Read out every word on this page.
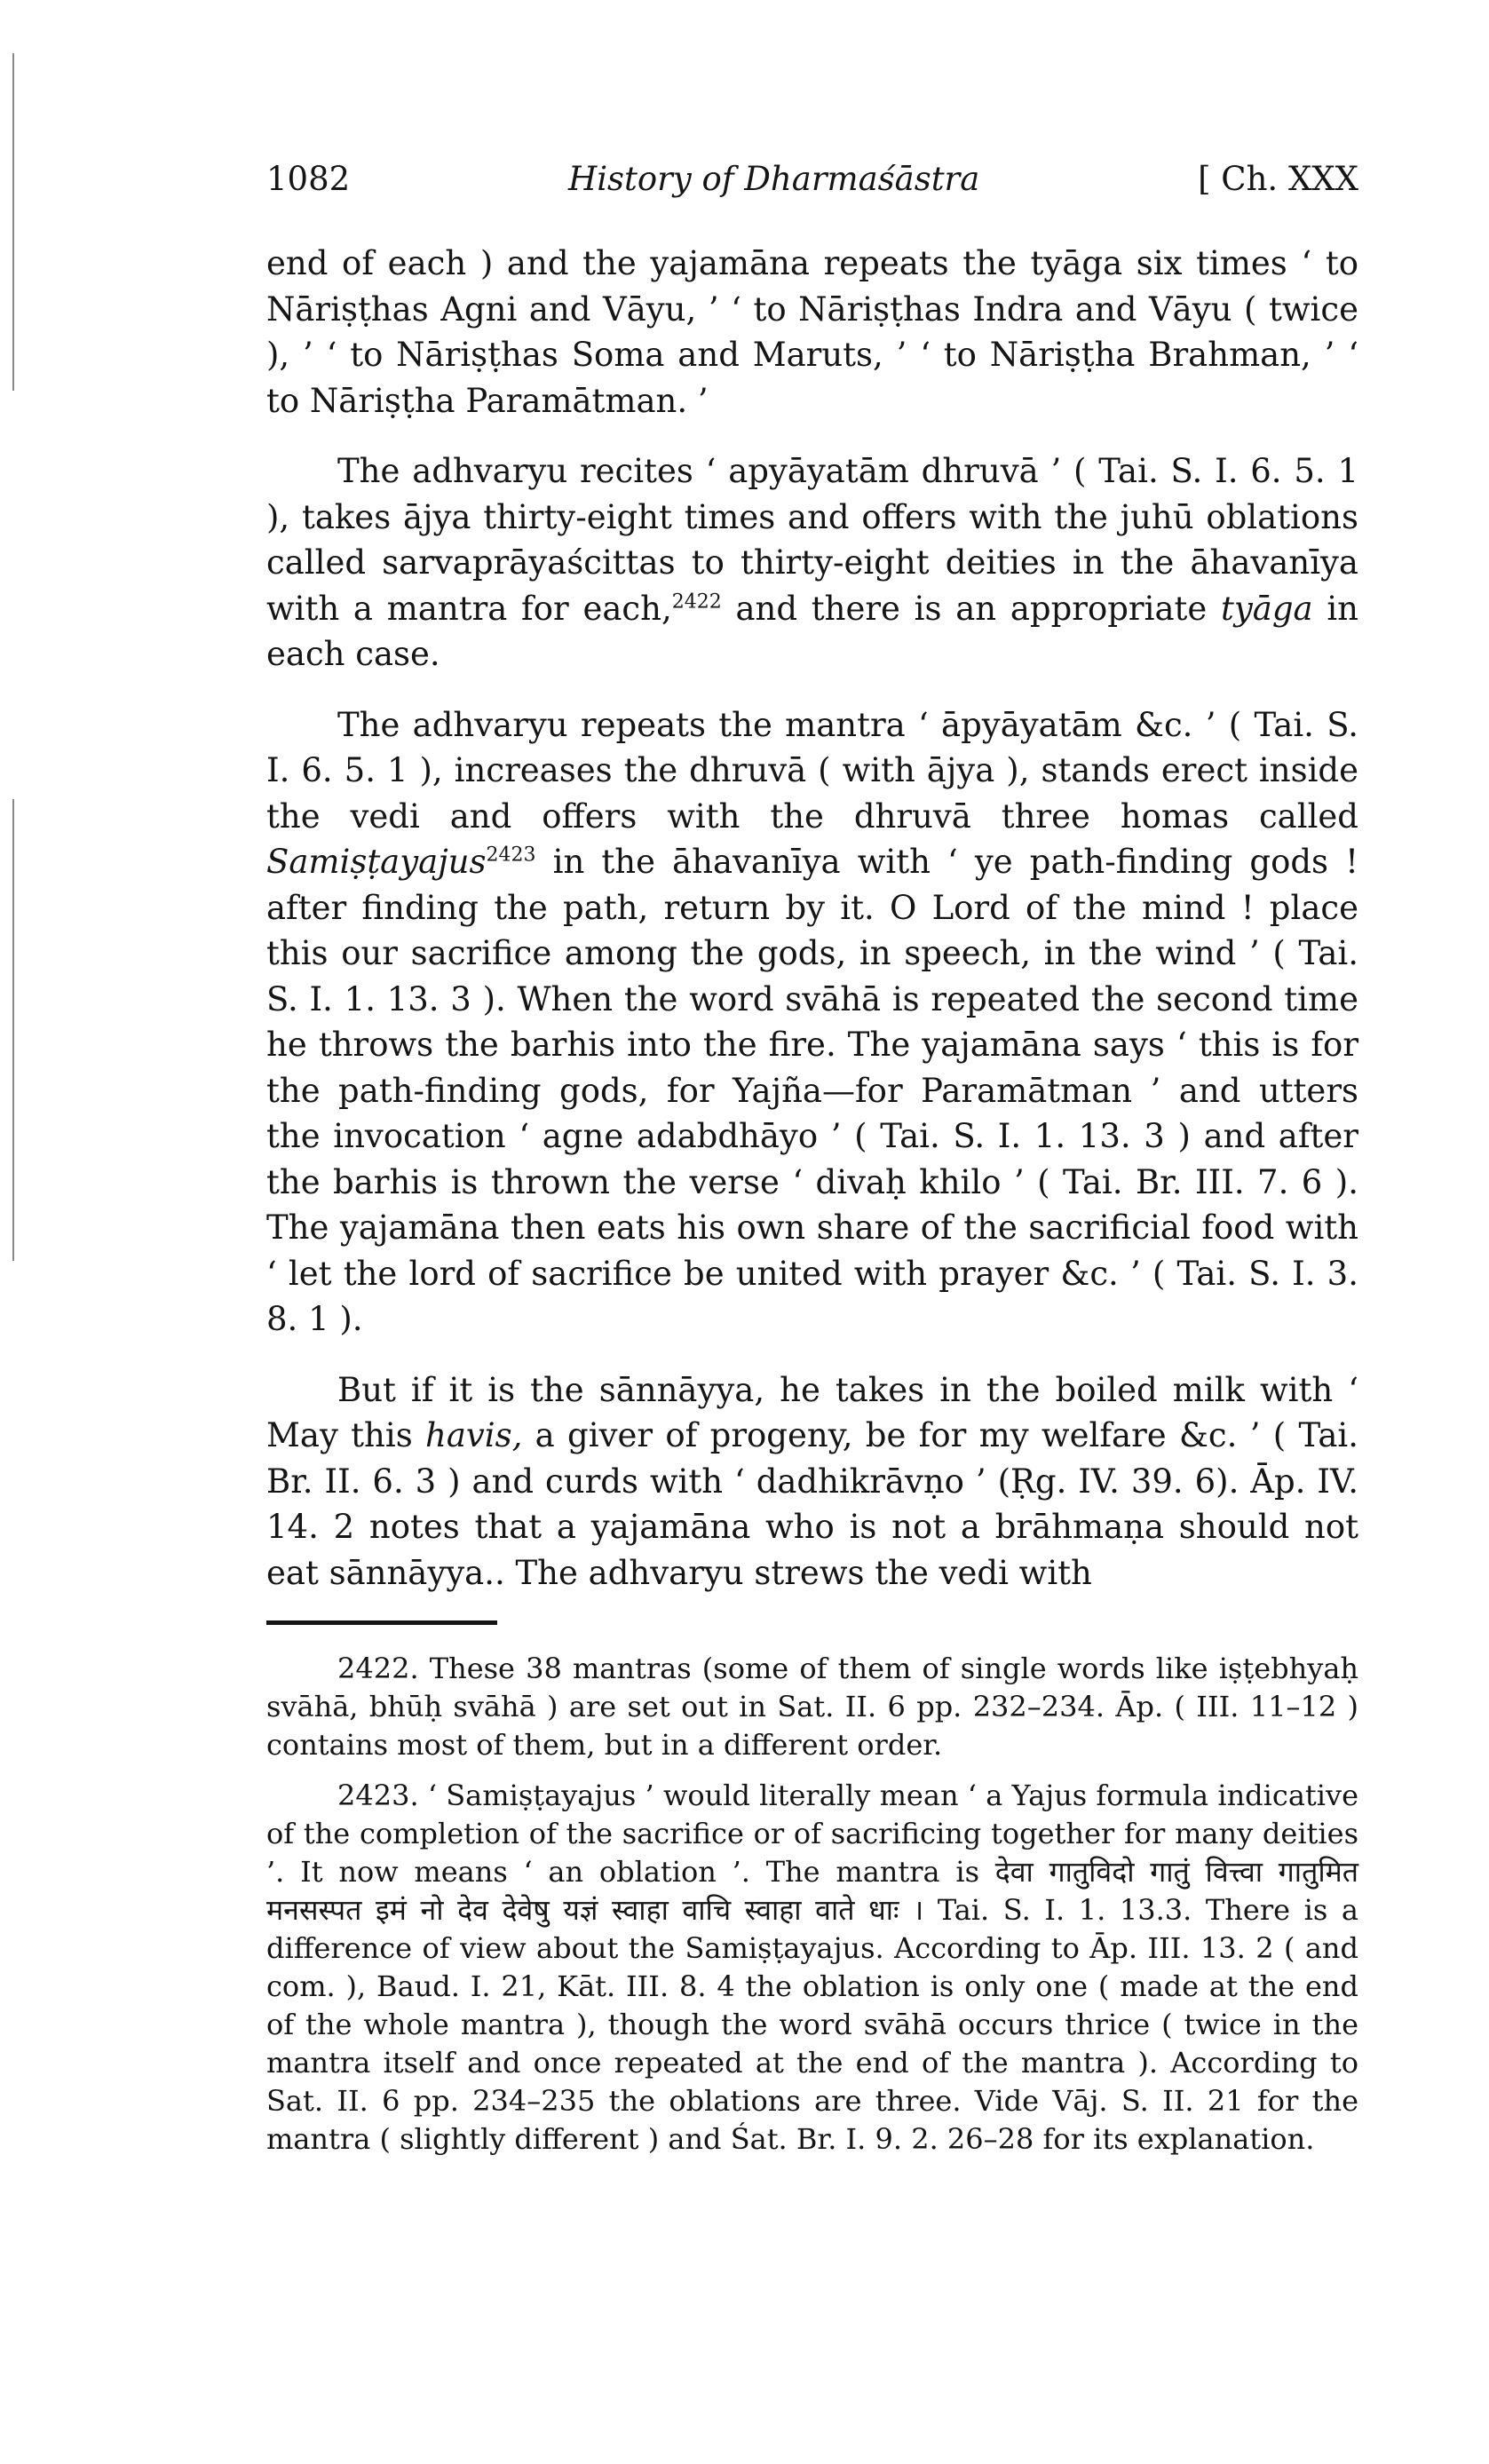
1082	History of Dharmaśāstra	[ Ch. XXX

end of each ) and the yajamāna repeats the tyāga six times ‘ to Nāriṣṭhas Agni and Vāyu, ’ ‘ to Nāriṣṭhas Indra and Vāyu ( twice ), ’ ‘ to Nāriṣṭhas Soma and Maruts, ’ ‘ to Nāriṣṭha Brahman, ’ ‘ to Nāriṣṭha Paramātman. ’

The adhvaryu recites ‘ apyāyatām dhruvā ’ ( Tai. S. I. 6. 5. 1 ), takes ājya thirty-eight times and offers with the juhū oblations called sarvaprāyaścittas to thirty-eight deities in the āhavanīya with a mantra for each,$^{2422}$ and there is an appropriate tyāga in each case.

The adhvaryu repeats the mantra ‘ āpyāyatām &c. ’ ( Tai. S. I. 6. 5. 1 ), increases the dhruvā ( with ājya ), stands erect inside the vedi and offers with the dhruvā three homas called Samiṣṭayajus$^{2423}$ in the āhavanīya with ‘ ye path-finding gods ! after finding the path, return by it. O Lord of the mind ! place this our sacrifice among the gods, in speech, in the wind ’ ( Tai. S. I. 1. 13. 3 ). When the word svāhā is repeated the second time he throws the barhis into the fire. The yajamāna says ‘ this is for the path-finding gods, for Yajña—for Paramātman ’ and utters the invocation ‘ agne adabdhāyo ’ ( Tai. S. I. 1. 13. 3 ) and after the barhis is thrown the verse ‘ divaḥ khilo ’ ( Tai. Br. III. 7. 6 ). The yajamāna then eats his own share of the sacrificial food with ‘ let the lord of sacrifice be united with prayer &c. ’ ( Tai. S. I. 3. 8. 1 ).

But if it is the sānnāyya, he takes in the boiled milk with ‘ May this havis, a giver of progeny, be for my welfare &c. ’ ( Tai. Br. II. 6. 3 ) and curds with ‘ dadhikrāvṇo ’ (Ṛg. IV. 39. 6). Āp. IV. 14. 2 notes that a yajamāna who is not a brāhmaṇa should not eat sānnāyya.. The adhvaryu strews the vedi with

2422. These 38 mantras (some of them of single words like iṣṭebhyaḥ svāhā, bhūḥ svāhā ) are set out in Sat. II. 6 pp. 232–234. Āp. ( III. 11–12 ) contains most of them, but in a different order.

2423. ‘ Samiṣṭayajus ’ would literally mean ‘ a Yajus formula indicative of the completion of the sacrifice or of sacrificing together for many deities ’. It now means ‘ an oblation ’. The mantra is देवा गातुविदो गातुं वित्त्वा गातुमित मनसस्पत इमं नो देव देवेषु यज्ञं स्वाहा वाचि स्वाहा वाते धाः । Tai. S. I. 1. 13.3. There is a difference of view about the Samiṣṭayajus. According to Āp. III. 13. 2 ( and com. ), Baud. I. 21, Kāt. III. 8. 4 the oblation is only one ( made at the end of the whole mantra ), though the word svāhā occurs thrice ( twice in the mantra itself and once repeated at the end of the mantra ). According to Sat. II. 6 pp. 234–235 the oblations are three. Vide Vāj. S. II. 21 for the mantra ( slightly different ) and Śat. Br. I. 9. 2. 26–28 for its explanation.
